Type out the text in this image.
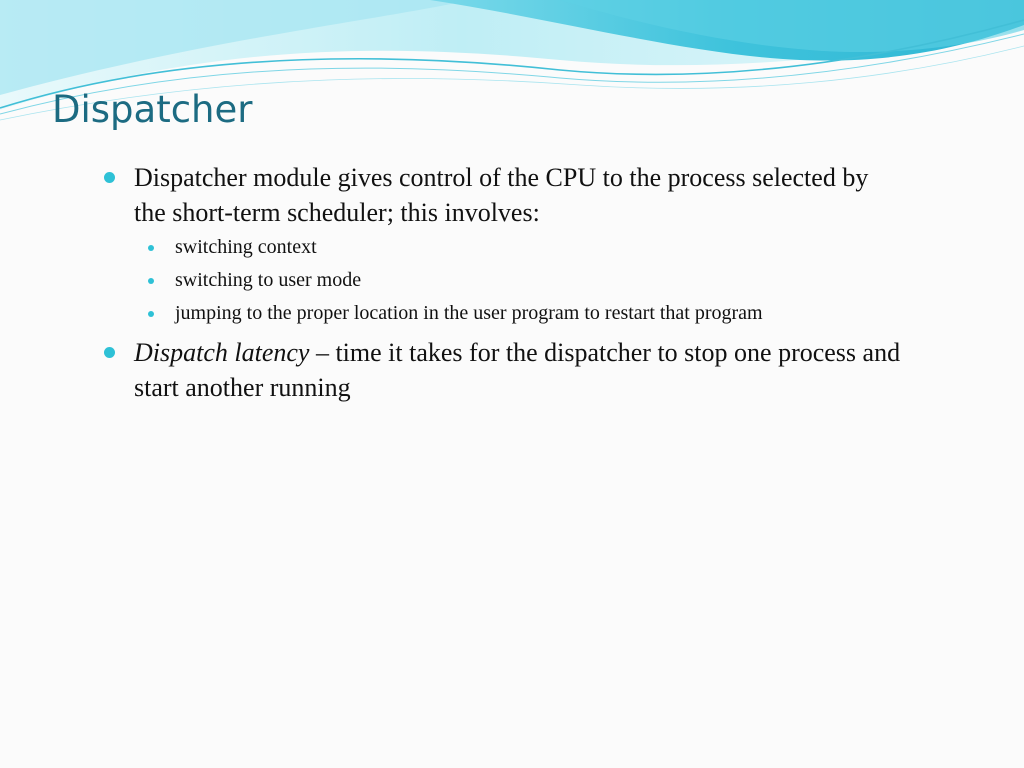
Dispatcher
Dispatcher module gives control of the CPU to the process selected by the short-term scheduler; this involves:
switching context
switching to user mode
jumping to the proper location in the user program to restart that program
Dispatch latency – time it takes for the dispatcher to stop one process and start another running
